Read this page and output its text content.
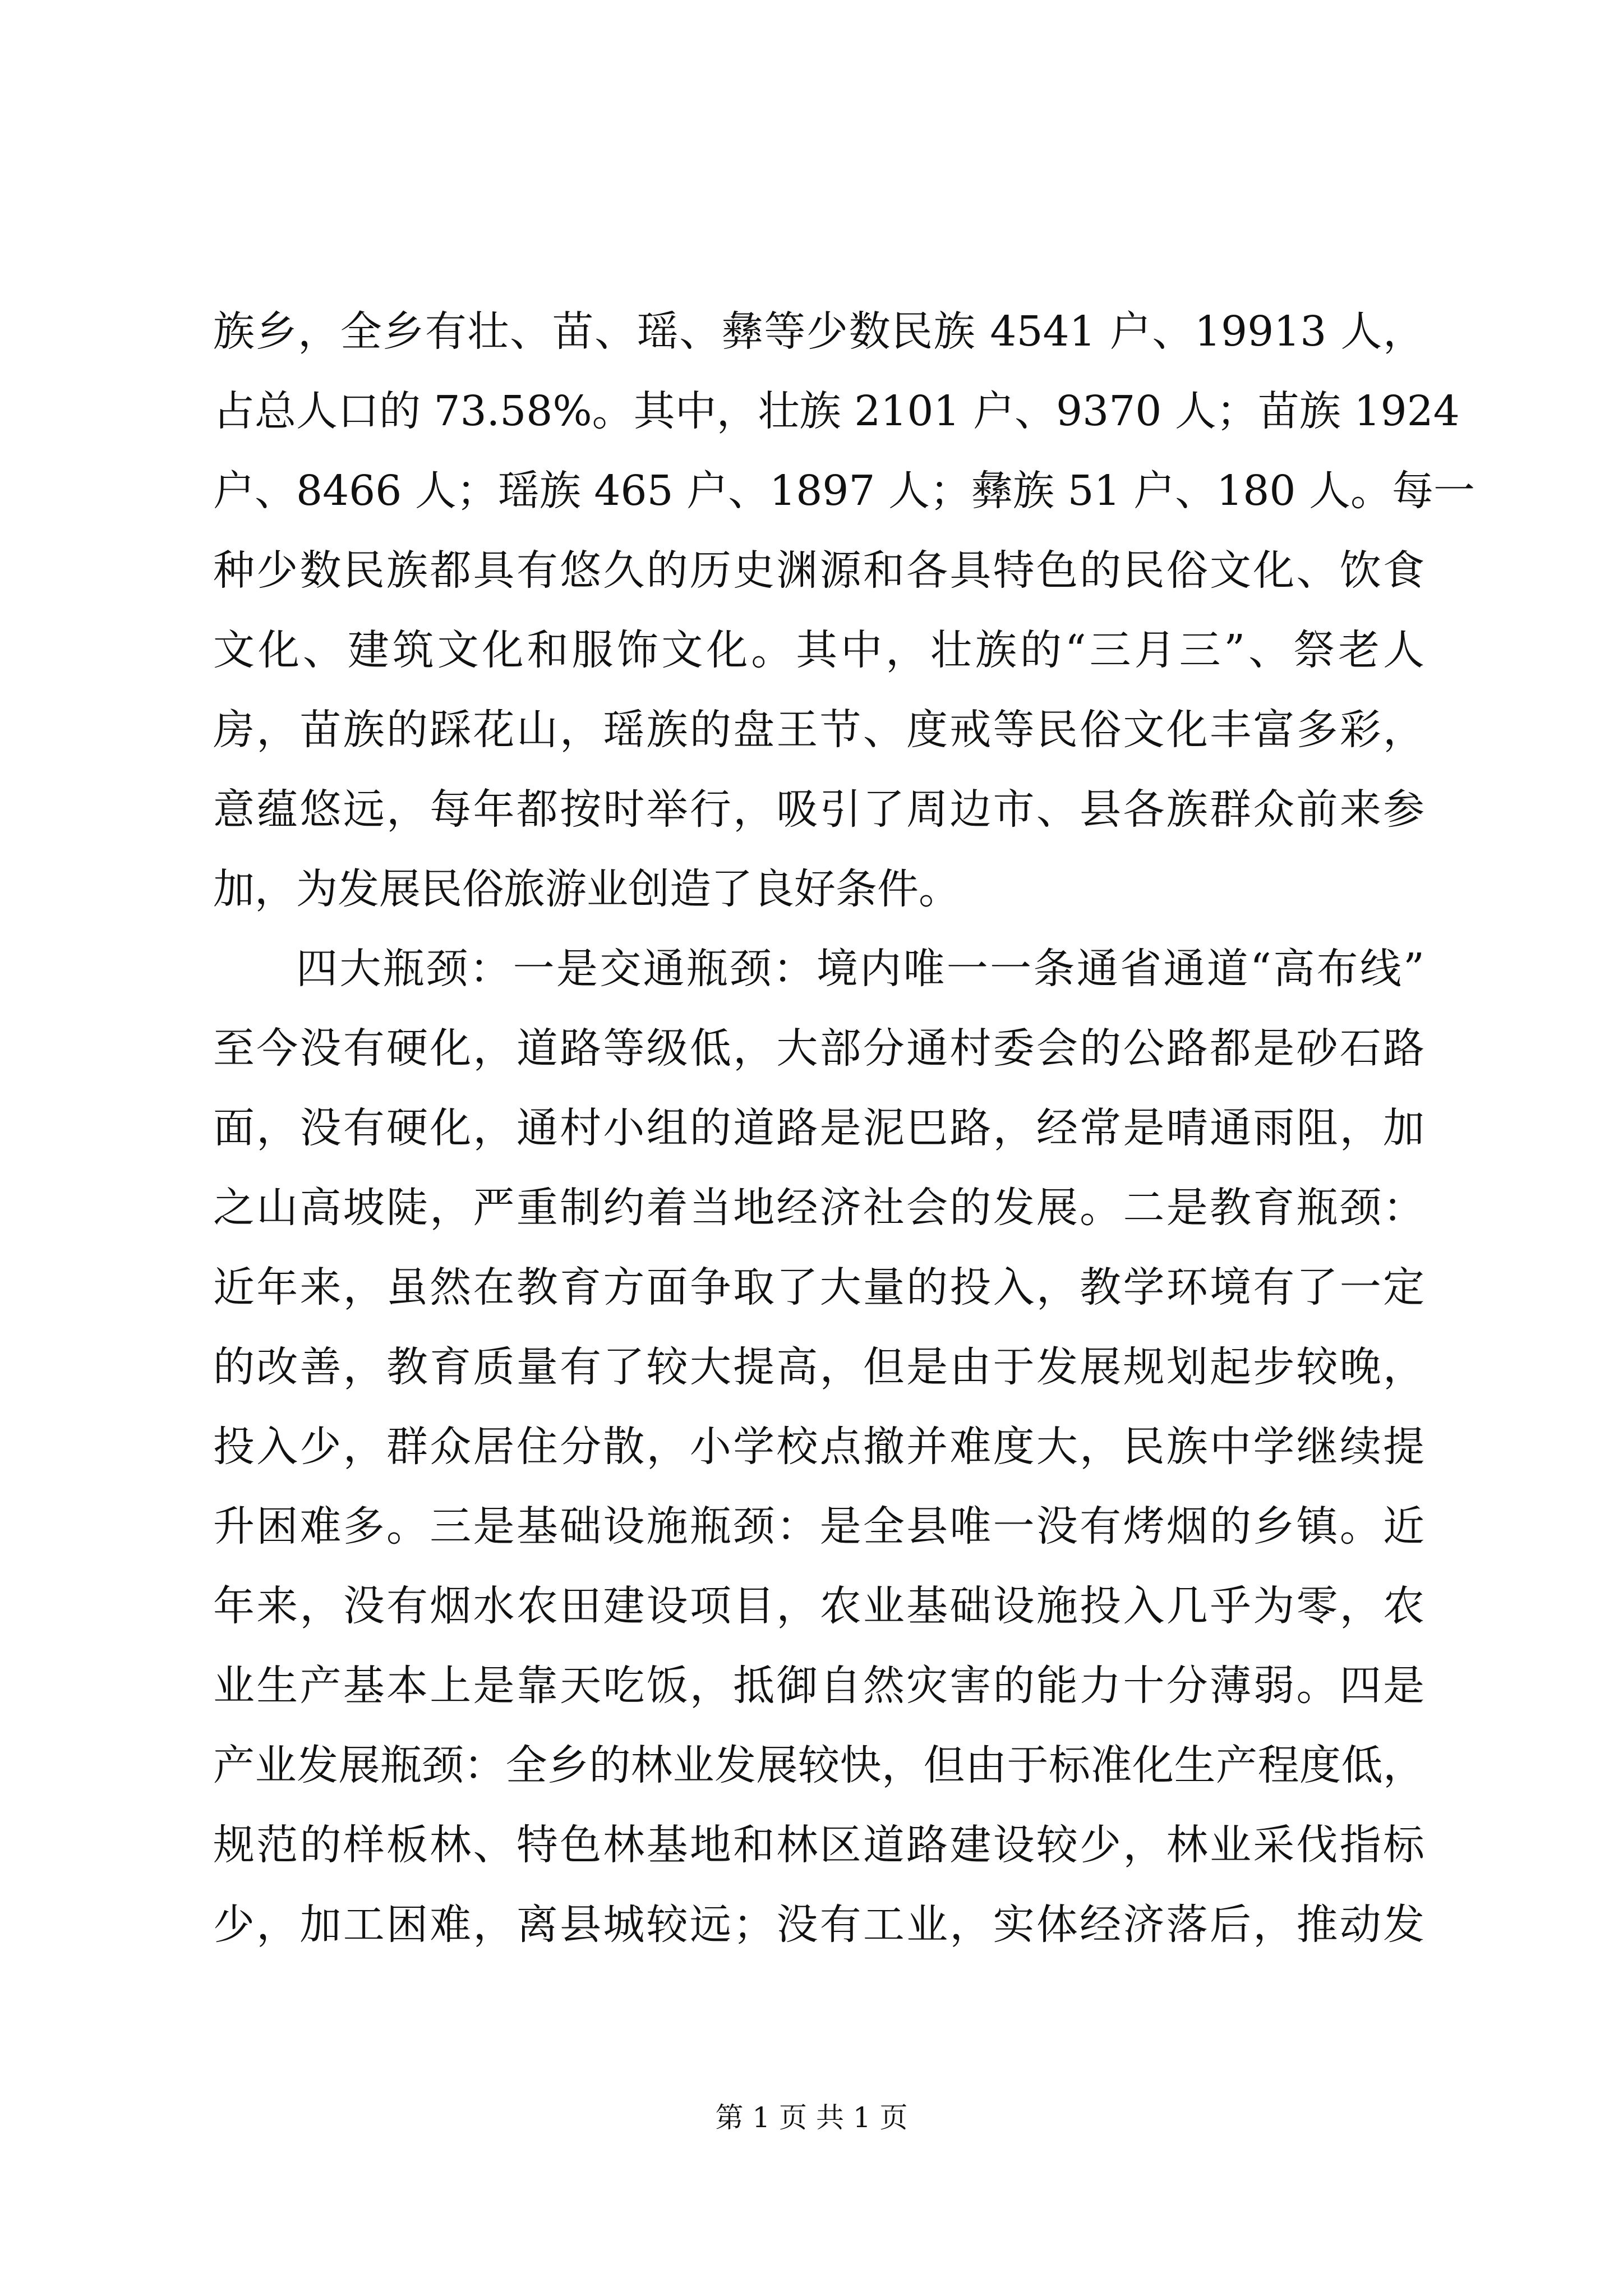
族乡，全乡有壮、苗、瑶、彝等少数民族 4541 户、19913 人，
占总人口的 73.58%。其中，壮族 2101 户、9370 人；苗族 1924
户、8466 人；瑶族 465 户、1897 人；彝族 51 户、180 人。每一
种少数民族都具有悠久的历史渊源和各具特色的民俗文化、饮食
文化、建筑文化和服饰文化。其中，壮族的“三月三”、祭老人
房，苗族的踩花山，瑶族的盘王节、度戒等民俗文化丰富多彩，
意蕴悠远，每年都按时举行，吸引了周边市、县各族群众前来参
加，为发展民俗旅游业创造了良好条件。
四大瓶颈：一是交通瓶颈：境内唯一一条通省通道“高布线”
至今没有硬化，道路等级低，大部分通村委会的公路都是砂石路
面，没有硬化，通村小组的道路是泥巴路，经常是晴通雨阻，加
之山高坡陡，严重制约着当地经济社会的发展。二是教育瓶颈：
近年来，虽然在教育方面争取了大量的投入，教学环境有了一定
的改善，教育质量有了较大提高，但是由于发展规划起步较晚，
投入少，群众居住分散，小学校点撤并难度大，民族中学继续提
升困难多。三是基础设施瓶颈：是全县唯一没有烤烟的乡镇。近
年来，没有烟水农田建设项目，农业基础设施投入几乎为零，农
业生产基本上是靠天吃饭，抵御自然灾害的能力十分薄弱。四是
产业发展瓶颈：全乡的林业发展较快，但由于标准化生产程度低，
规范的样板林、特色林基地和林区道路建设较少，林业采伐指标
少，加工困难，离县城较远；没有工业，实体经济落后，推动发
第 1 页 共 1 页
